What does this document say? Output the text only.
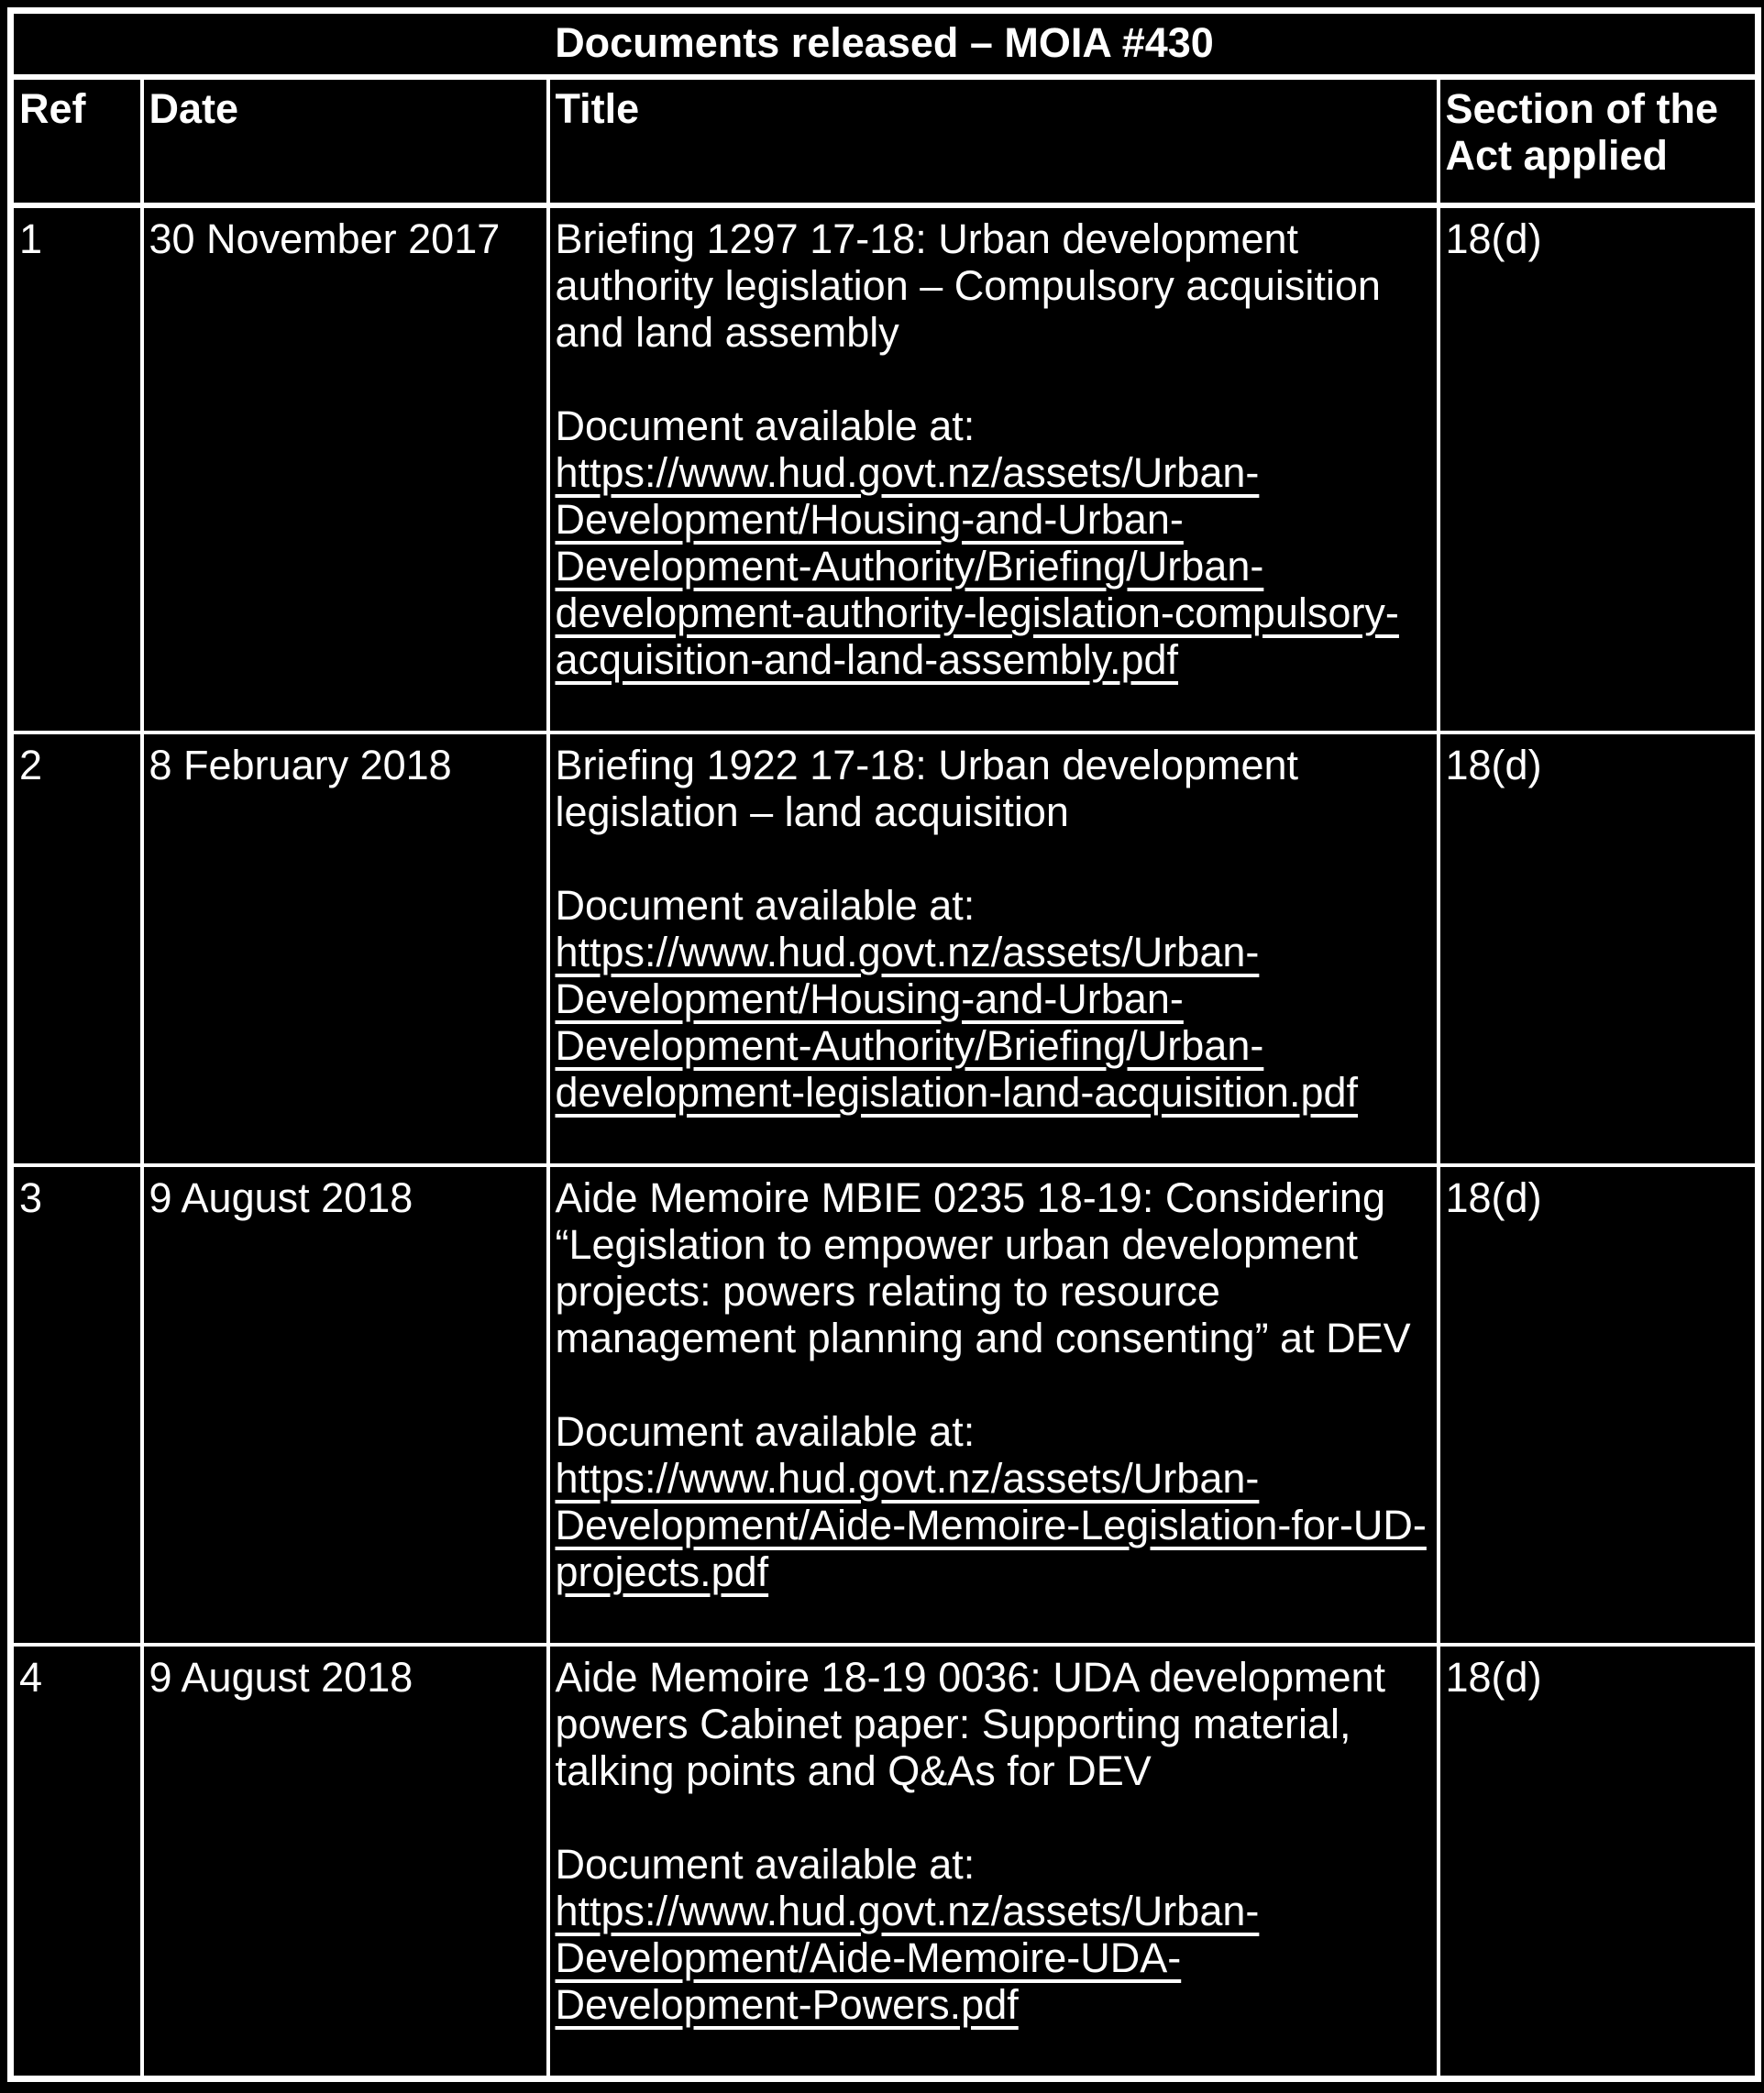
Documents released – MOIA #430			
Ref	Date	Title	Section of the Act applied
1	30 November 2017	Briefing 1297 17-18: Urban development authority legislation – Compulsory acquisition and land assembly
Document available at:
https://www.hud.govt.nz/assets/Urban-
Development/Housing-and-Urban-
Development-Authority/Briefing/Urban-
development-authority-legislation-compulsory-
acquisition-and-land-assembly.pdf
	18(d)
2	8 February 2018	Briefing 1922 17-18: Urban development legislation – land acquisition
Document available at:
https://www.hud.govt.nz/assets/Urban-
Development/Housing-and-Urban-
Development-Authority/Briefing/Urban-
development-legislation-land-acquisition.pdf
	18(d)
3	9 August 2018	Aide Memoire MBIE 0235 18-19: Considering “Legislation to empower urban development projects: powers relating to resource management planning and consenting” at DEV
Document available at:
https://www.hud.govt.nz/assets/Urban-
Development/Aide-Memoire-Legislation-for-UD-
projects.pdf	18(d)
4	9 August 2018	Aide Memoire 18-19 0036: UDA development powers Cabinet paper: Supporting material, talking points and Q&As for DEV
Document available at:
https://www.hud.govt.nz/assets/Urban-
Development/Aide-Memoire-UDA-
Development-Powers.pdf	18(d)
